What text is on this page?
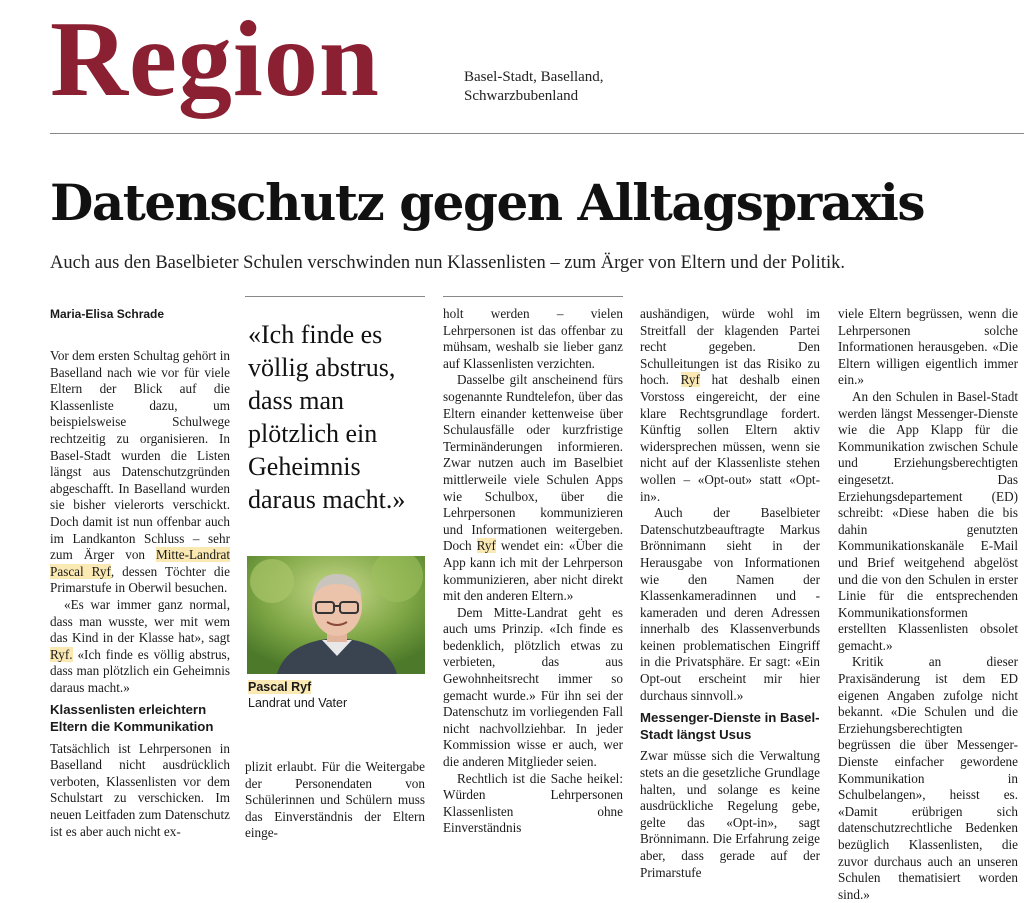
Region	Basel-Stadt, Baselland,
Schwarzbubenland
Datenschutz gegen Alltagspraxis
Auch aus den Baselbieter Schulen verschwinden nun Klassenlisten – zum Ärger von Eltern und der Politik.

Maria-Elisa Schrade

Vor dem ersten Schultag gehört in Baselland nach wie vor für viele Eltern der Blick auf die Klassenliste dazu, um beispielsweise Schulwege rechtzeitig zu organisieren. In Basel-Stadt wurden die Listen längst aus Datenschutzgründen abgeschafft. In Baselland wurden sie bisher vielerorts verschickt. Doch damit ist nun offenbar auch im Landkanton Schluss – sehr zum Ärger von Mitte-Landrat Pascal Ryf, dessen Töchter die Primarstufe in Oberwil besuchen.

«Es war immer ganz normal, dass man wusste, wer mit wem das Kind in der Klasse hat», sagt Ryf. «Ich finde es völlig abstrus, dass man plötzlich ein Geheimnis daraus macht.»

Klassenlisten erleichtern Eltern die Kommunikation

Tatsächlich ist Lehrpersonen in Baselland nicht ausdrücklich verboten, Klassenlisten vor dem Schulstart zu verschicken. Im neuen Leitfaden zum Datenschutz ist es aber auch nicht ex-

«Ich finde es völlig abstrus, dass man plötzlich ein Geheimnis daraus macht.»
Pascal Ryf
Landrat und Vater

plizit erlaubt. Für die Weitergabe der Personendaten von Schülerinnen und Schülern muss das Einverständnis der Eltern einge-

holt werden – vielen Lehrpersonen ist das offenbar zu mühsam, weshalb sie lieber ganz auf Klassenlisten verzichten.

Dasselbe gilt anscheinend fürs sogenannte Rundtelefon, über das Eltern einander kettenweise über Schulausfälle oder kurzfristige Terminänderungen informieren. Zwar nutzen auch im Baselbiet mittlerweile viele Schulen Apps wie Schulbox, über die Lehrpersonen kommunizieren und Informationen weitergeben. Doch Ryf wendet ein: «Über die App kann ich mit der Lehrperson kommunizieren, aber nicht direkt mit den anderen Eltern.»

Dem Mitte-Landrat geht es auch ums Prinzip. «Ich finde es bedenklich, plötzlich etwas zu verbieten, das aus Gewohnheitsrecht immer so gemacht wurde.» Für ihn sei der Datenschutz im vorliegenden Fall nicht nachvollziehbar. In jeder Kommission wisse er auch, wer die anderen Mitglieder seien.

Rechtlich ist die Sache heikel: Würden Lehrpersonen Klassenlisten ohne Einverständnis

aushändigen, würde wohl im Streitfall der klagenden Partei recht gegeben. Den Schulleitungen ist das Risiko zu hoch. Ryf hat deshalb einen Vorstoss eingereicht, der eine klare Rechtsgrundlage fordert. Künftig sollen Eltern aktiv widersprechen müssen, wenn sie nicht auf der Klassenliste stehen wollen – «Opt-out» statt «Opt-in».

Auch der Baselbieter Datenschutzbeauftragte Markus Brönnimann sieht in der Herausgabe von Informationen wie den Namen der Klassenkameradinnen und -kameraden und deren Adressen innerhalb des Klassenverbunds keinen problematischen Eingriff in die Privatsphäre. Er sagt: «Ein Opt-out erscheint mir hier durchaus sinnvoll.»

Messenger-Dienste in Basel-Stadt längst Usus

Zwar müsse sich die Verwaltung stets an die gesetzliche Grundlage halten, und solange es keine ausdrückliche Regelung gebe, gelte das «Opt-in», sagt Brönnimann. Die Erfahrung zeige aber, dass gerade auf der Primarstufe

viele Eltern begrüssen, wenn die Lehrpersonen solche Informationen herausgeben. «Die Eltern willigen eigentlich immer ein.»

An den Schulen in Basel-Stadt werden längst Messenger-Dienste wie die App Klapp für die Kommunikation zwischen Schule und Erziehungsberechtigten eingesetzt. Das Erziehungsdepartement (ED) schreibt: «Diese haben die bis dahin genutzten Kommunikationskanäle E-Mail und Brief weitgehend abgelöst und die von den Schulen in erster Linie für die entsprechenden Kommunikationsformen erstellten Klassenlisten obsolet gemacht.»

Kritik an dieser Praxisänderung ist dem ED eigenen Angaben zufolge nicht bekannt. «Die Schulen und die Erziehungsberechtigten begrüssen die über Messenger-Dienste einfacher gewordene Kommunikation in Schulbelangen», heisst es. «Damit erübrigen sich datenschutzrechtliche Bedenken bezüglich Klassenlisten, die zuvor durchaus auch an unseren Schulen thematisiert worden sind.»
